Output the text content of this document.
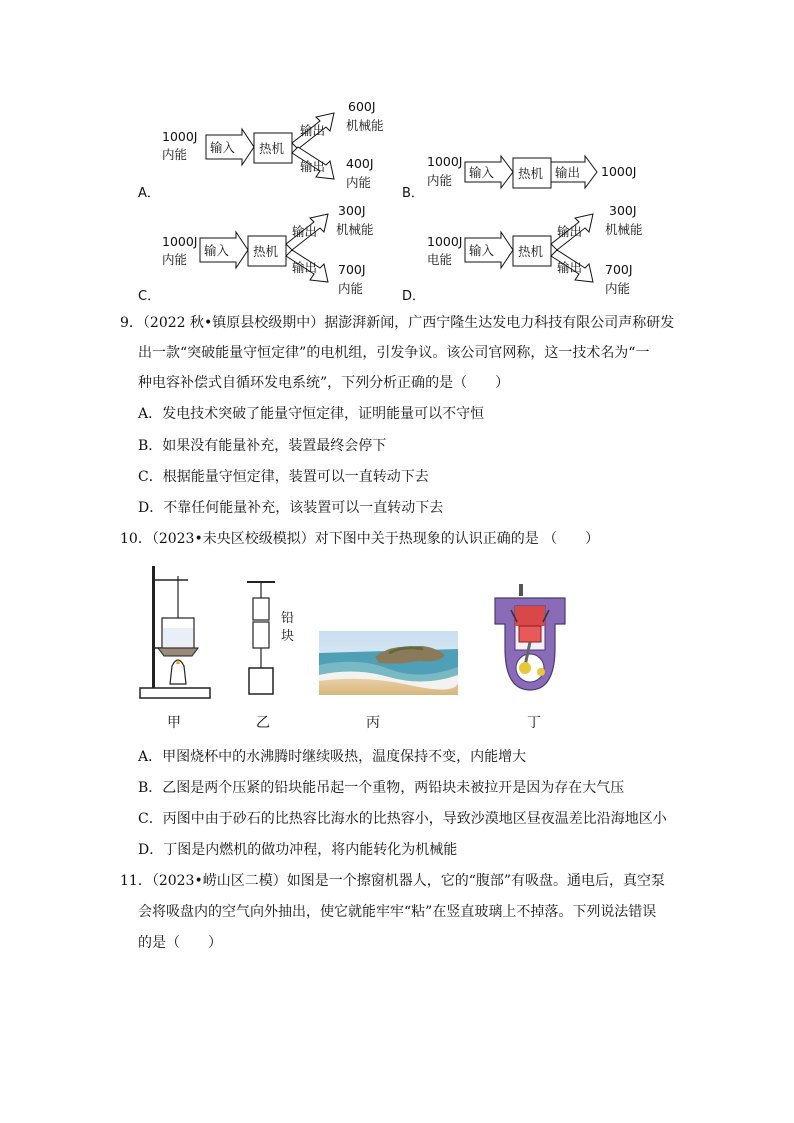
1000J
内能 输入 热机
输出
输出
600J
机械能
400J
内能
A．
1000J
内能
输入 热机 输出 1000J
B．
1000J
内能
输入 热机
输出
输出
300J
机械能
700J
内能
C．
1000J
电能
输入 热机
输出
输出
300J
机械能
700J
内能
D．
9．（2022 秋•镇原县校级期中）据澎湃新闻，广西宁隆生达发电力科技有限公司声称研发
出一款“突破能量守恒定律”的电机组，引发争议。该公司官网称，这一技术名为“一
种电容补偿式自循环发电系统”，下列分析正确的是（　　）
A．发电技术突破了能量守恒定律，证明能量可以不守恒
B．如果没有能量补充，装置最终会停下
C．根据能量守恒定律，装置可以一直转动下去
D．不靠任何能量补充，该装置可以一直转动下去
10．（2023•未央区校级模拟）对下图中关于热现象的认识正确的是 （　　）
铅
块
甲	乙	丙	丁
A．甲图烧杯中的水沸腾时继续吸热，温度保持不变，内能增大
B．乙图是两个压紧的铅块能吊起一个重物，两铅块未被拉开是因为存在大气压
C．丙图中由于砂石的比热容比海水的比热容小，导致沙漠地区昼夜温差比沿海地区小
D．丁图是内燃机的做功冲程，将内能转化为机械能
11．（2023•崂山区二模）如图是一个擦窗机器人，它的“腹部”有吸盘。通电后，真空泵
会将吸盘内的空气向外抽出，使它就能牢牢“粘”在竖直玻璃上不掉落。下列说法错误
的是（　　）
